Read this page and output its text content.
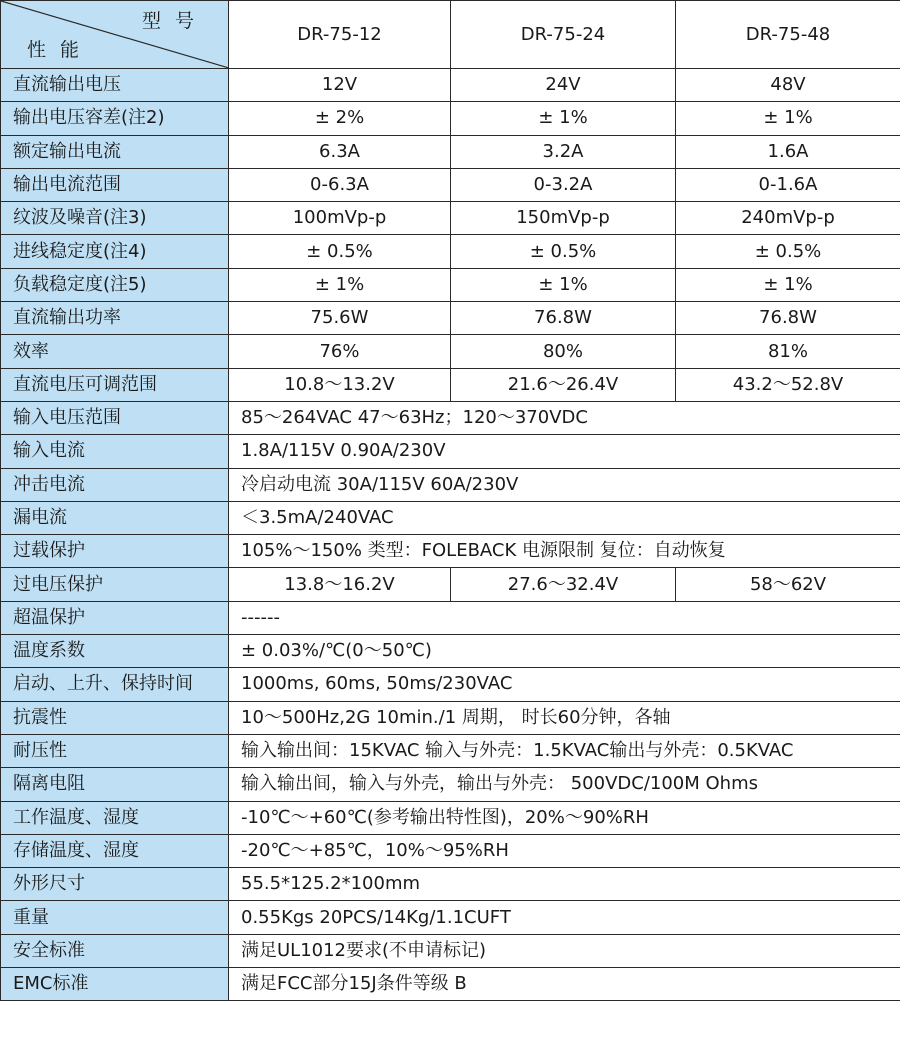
型 号
性 能	DR-75-12	DR-75-24	DR-75-48
直流输出电压	12V	24V	48V
输出电压容差(注2)	± 2%	± 1%	± 1%
额定输出电流	6.3A	3.2A	1.6A
输出电流范围	0-6.3A	0-3.2A	0-1.6A
纹波及噪音(注3)	100mVp-p	150mVp-p	240mVp-p
进线稳定度(注4)	± 0.5%	± 0.5%	± 0.5%
负载稳定度(注5)	± 1%	± 1%	± 1%
直流输出功率	75.6W	76.8W	76.8W
效率	76%	80%	81%
直流电压可调范围	10.8～13.2V	21.6～26.4V	43.2～52.8V
输入电压范围	85～264VAC 47～63Hz；120～370VDC		
输入电流	1.8A/115V 0.90A/230V		
冲击电流	冷启动电流 30A/115V 60A/230V		
漏电流	＜3.5mA/240VAC		
过载保护	105%～150% 类型：FOLEBACK 电源限制 复位：自动恢复		
过电压保护	13.8～16.2V	27.6～32.4V	58～62V
超温保护	------		
温度系数	± 0.03%/℃(0～50℃)		
启动、上升、保持时间	1000ms, 60ms, 50ms/230VAC		
抗震性	10～500Hz,2G 10min./1 周期， 时长60分钟，各轴		
耐压性	输入输出间：15KVAC 输入与外壳：1.5KVAC输出与外壳：0.5KVAC		
隔离电阻	输入输出间，输入与外壳，输出与外壳： 500VDC/100M Ohms		
工作温度、湿度	-10℃～+60℃(参考输出特性图)，20%～90%RH		
存储温度、湿度	-20℃～+85℃，10%～95%RH		
外形尺寸	55.5*125.2*100mm		
重量	0.55Kgs 20PCS/14Kg/1.1CUFT		
安全标准	满足UL1012要求(不申请标记)		
EMC标准	满足FCC部分15J条件等级 B		
